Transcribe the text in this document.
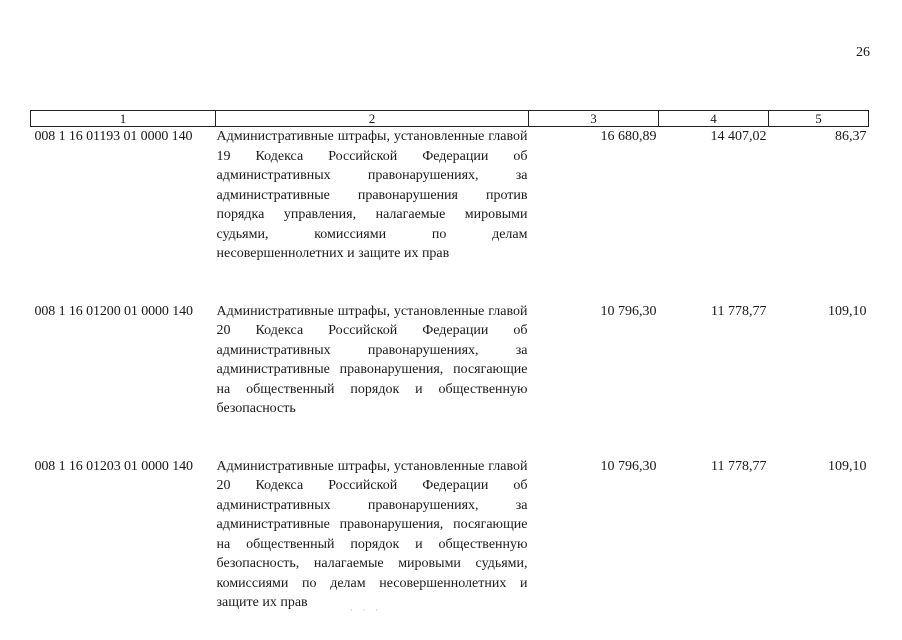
26
1	2	3	4	5
008 1 16 01193 01 0000 140	Административные штрафы, установленные главой 19 Кодекса Российской Федерации об административных правонарушениях, за административные правонарушения против порядка управления, налагаемые мировыми судьями, комиссиями по делам несовершеннолетних и защите их прав	16 680,89	14 407,02	86,37

008 1 16 01200 01 0000 140	Административные штрафы, установленные главой 20 Кодекса Российской Федерации об административных правонарушениях, за административные правонарушения, посягающие на общественный порядок и общественную безопасность	10 796,30	11 778,77	109,10

008 1 16 01203 01 0000 140	Административные штрафы, установленные главой 20 Кодекса Российской Федерации об административных правонарушениях, за административные правонарушения, посягающие на общественный порядок и общественную безопасность, налагаемые мировыми судьями, комиссиями по делам несовершеннолетних и защите их прав	10 796,30	11 778,77	109,10
· · ·
